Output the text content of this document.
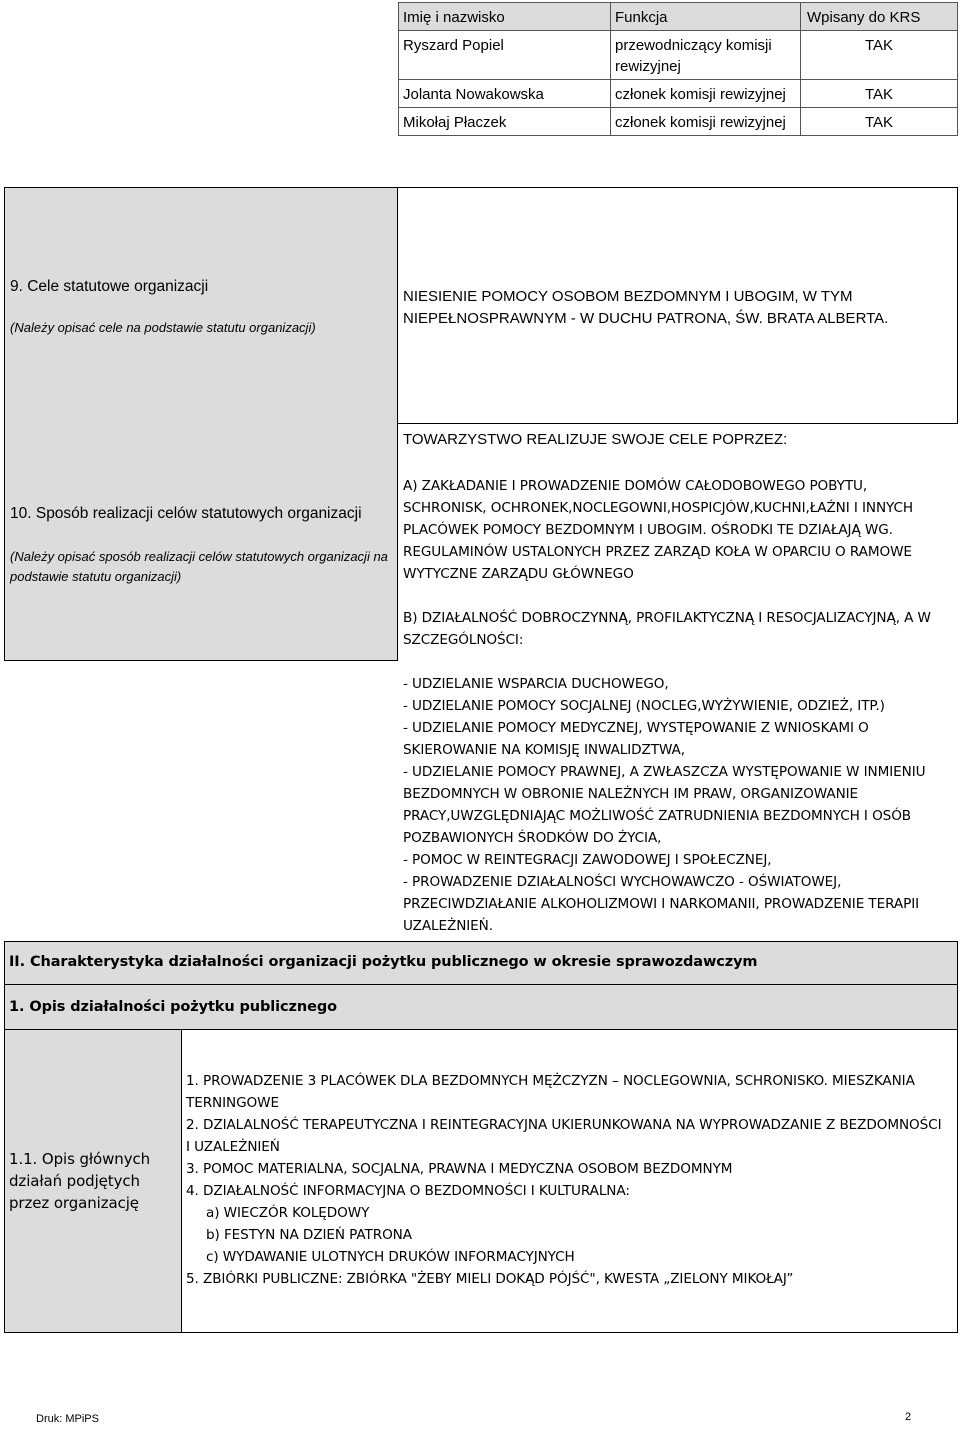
Imię i nazwisko	Funkcja	Wpisany do KRS
Ryszard Popiel	przewodniczący komisji rewizyjnej	TAK
Jolanta Nowakowska	członek komisji rewizyjnej	TAK
Mikołaj Płaczek	członek komisji rewizyjnej	TAK
9. Cele statutowe organizacji
(Należy opisać cele na podstawie statutu organizacji)
NIESIENIE POMOCY OSOBOM BEZDOMNYM I UBOGIM, W TYM NIEPEŁNOSPRAWNYM - W DUCHU PATRONA, ŚW. BRATA ALBERTA.
10. Sposób realizacji celów statutowych organizacji
(Należy opisać sposób realizacji celów statutowych organizacji na podstawie statutu organizacji)
TOWARZYSTWO REALIZUJE SWOJE CELE POPRZEZ:
A) ZAKŁADANIE I PROWADZENIE DOMÓW CAŁODOBOWEGO POBYTU, SCHRONISK, OCHRONEK,NOCLEGOWNI,HOSPICJÓW,KUCHNI,ŁAŹNI I INNYCH PLACÓWEK POMOCY BEZDOMNYM I UBOGIM. OŚRODKI TE DZIAŁAJĄ WG. REGULAMINÓW USTALONYCH PRZEZ ZARZĄD KOŁA W OPARCIU O RAMOWE WYTYCZNE ZARZĄDU GŁÓWNEGO
B) DZIAŁALNOŚĆ DOBROCZYNNĄ, PROFILAKTYCZNĄ I RESOCJALIZACYJNĄ, A W SZCZEGÓLNOŚCI:
- UDZIELANIE WSPARCIA DUCHOWEGO,
- UDZIELANIE POMOCY SOCJALNEJ (NOCLEG,WYŻYWIENIE, ODZIEŻ, ITP.)
- UDZIELANIE POMOCY MEDYCZNEJ, WYSTĘPOWANIE Z WNIOSKAMI O SKIEROWANIE NA KOMISJĘ INWALIDZTWA,
- UDZIELANIE POMOCY PRAWNEJ, A ZWŁASZCZA WYSTĘPOWANIE W INMIENIU BEZDOMNYCH W OBRONIE NALEŻNYCH IM PRAW, ORGANIZOWANIE PRACY,UWZGLĘDNIAJĄC MOŻLIWOŚĆ ZATRUDNIENIA BEZDOMNYCH I OSÓB POZBAWIONYCH ŚRODKÓW DO ŻYCIA,
- POMOC W REINTEGRACJI ZAWODOWEJ I SPOŁECZNEJ,
- PROWADZENIE DZIAŁALNOŚCI WYCHOWAWCZO - OŚWIATOWEJ, PRZECIWDZIAŁANIE ALKOHOLIZMOWI I NARKOMANII, PROWADZENIE TERAPII UZALEŻNIEŃ.
II. Charakterystyka działalności organizacji pożytku publicznego w okresie sprawozdawczym
1. Opis działalności pożytku publicznego
1.1. Opis głównych działań podjętych przez organizację
1. PROWADZENIE 3 PLACÓWEK DLA BEZDOMNYCH MĘŻCZYZN – NOCLEGOWNIA, SCHRONISKO. MIESZKANIA TERNINGOWE
2. DZIALALNOŚĆ TERAPEUTYCZNA I REINTEGRACYJNA UKIERUNKOWANA NA WYPROWADZANIE Z BEZDOMNOŚCI I UZALEŻNIEŃ
3. POMOC MATERIALNA, SOCJALNA, PRAWNA I MEDYCZNA OSOBOM BEZDOMNYM
4. DZIAŁALNOŚĆ INFORMACYJNA O BEZDOMNOŚCI I KULTURALNA:
a) WIECZÓR KOLĘDOWY
b) FESTYN NA DZIEŃ PATRONA
c) WYDAWANIE ULOTNYCH DRUKÓW INFORMACYJNYCH
5. ZBIÓRKI PUBLICZNE: ZBIÓRKA "ŻEBY MIELI DOKĄD PÓJŚĆ", KWESTA „ZIELONY MIKOŁAJ”
Druk: MPiPS	2
